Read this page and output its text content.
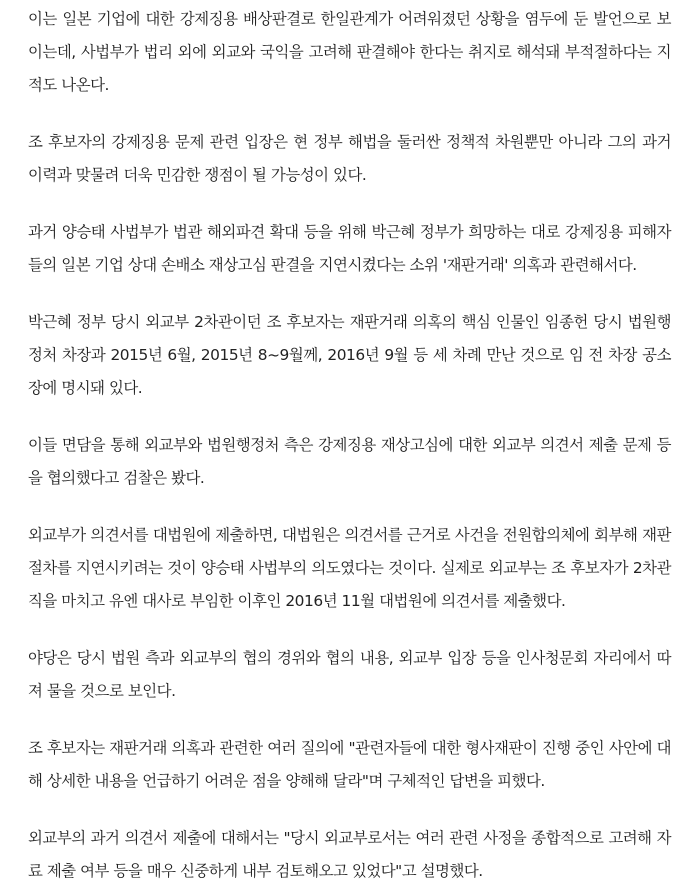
이는 일본 기업에 대한 강제징용 배상판결로 한일관계가 어려워졌던 상황을 염두에 둔 발언으로 보이는데, 사법부가 법리 외에 외교와 국익을 고려해 판결해야 한다는 취지로 해석돼 부적절하다는 지적도 나온다.

조 후보자의 강제징용 문제 관련 입장은 현 정부 해법을 둘러싼 정책적 차원뿐만 아니라 그의 과거 이력과 맞물려 더욱 민감한 쟁점이 될 가능성이 있다.

과거 양승태 사법부가 법관 해외파견 확대 등을 위해 박근혜 정부가 희망하는 대로 강제징용 피해자들의 일본 기업 상대 손배소 재상고심 판결을 지연시켰다는 소위 '재판거래' 의혹과 관련해서다.

박근혜 정부 당시 외교부 2차관이던 조 후보자는 재판거래 의혹의 핵심 인물인 임종헌 당시 법원행정처 차장과 2015년 6월, 2015년 8~9월께, 2016년 9월 등 세 차례 만난 것으로 임 전 차장 공소장에 명시돼 있다.

이들 면담을 통해 외교부와 법원행정처 측은 강제징용 재상고심에 대한 외교부 의견서 제출 문제 등을 협의했다고 검찰은 봤다.

외교부가 의견서를 대법원에 제출하면, 대법원은 의견서를 근거로 사건을 전원합의체에 회부해 재판 절차를 지연시키려는 것이 양승태 사법부의 의도였다는 것이다. 실제로 외교부는 조 후보자가 2차관직을 마치고 유엔 대사로 부임한 이후인 2016년 11월 대법원에 의견서를 제출했다.

야당은 당시 법원 측과 외교부의 협의 경위와 협의 내용, 외교부 입장 등을 인사청문회 자리에서 따져 물을 것으로 보인다.

조 후보자는 재판거래 의혹과 관련한 여러 질의에 "관련자들에 대한 형사재판이 진행 중인 사안에 대해 상세한 내용을 언급하기 어려운 점을 양해해 달라"며 구체적인 답변을 피했다.

외교부의 과거 의견서 제출에 대해서는 "당시 외교부로서는 여러 관련 사정을 종합적으로 고려해 자료 제출 여부 등을 매우 신중하게 내부 검토해오고 있었다"고 설명했다.
